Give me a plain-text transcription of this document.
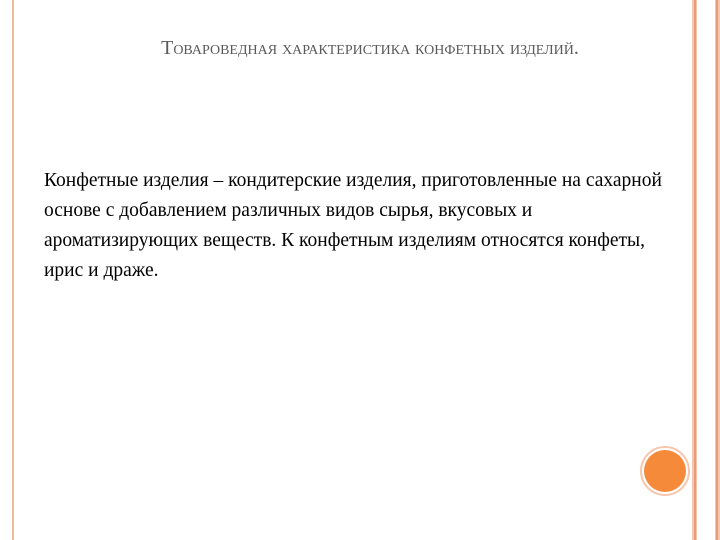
Товароведная характеристика конфетных изделий.
Конфетные изделия – кондитерские изделия, приготовленные на сахарной основе с добавлением различных видов сырья, вкусовых и ароматизирующих веществ. К конфетным изделиям относятся конфеты, ирис и драже.
